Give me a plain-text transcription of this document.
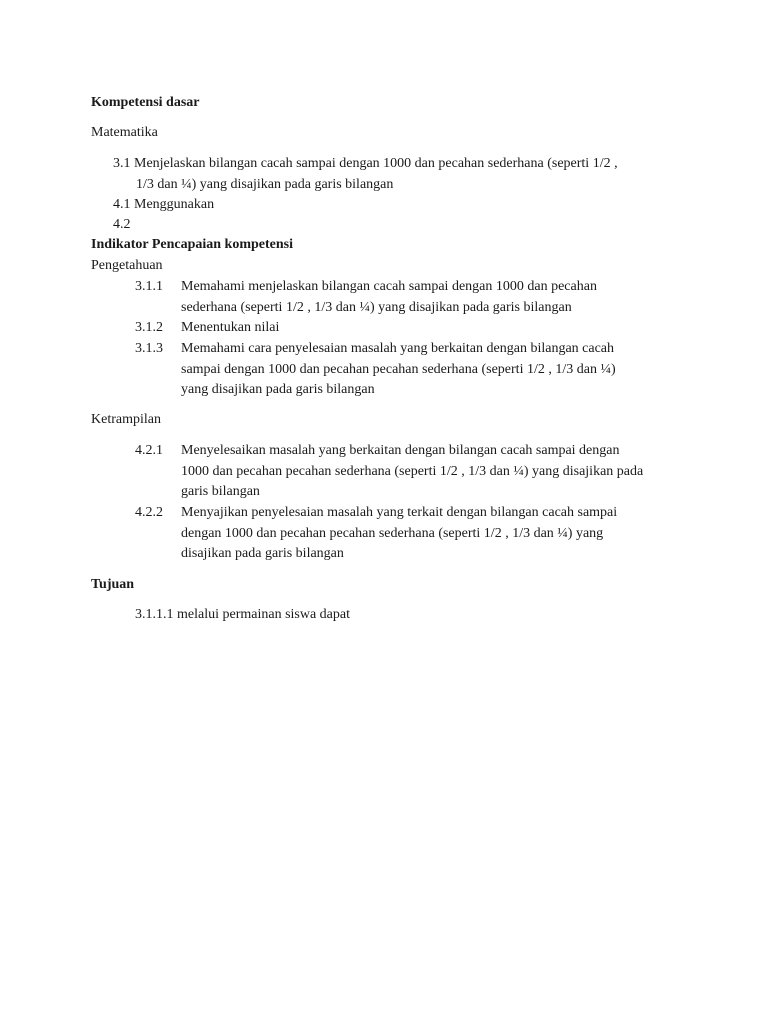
Kompetensi dasar
Matematika
3.1 Menjelaskan bilangan cacah sampai dengan 1000 dan pecahan sederhana (seperti 1/2 ,
1/3 dan ¼) yang disajikan pada garis bilangan
4.1 Menggunakan
4.2
Indikator Pencapaian kompetensi
Pengetahuan
3.1.1 Memahami menjelaskan bilangan cacah sampai dengan 1000 dan pecahan
sederhana (seperti 1/2 , 1/3 dan ¼) yang disajikan pada garis bilangan
3.1.2 Menentukan nilai
3.1.3 Memahami cara penyelesaian masalah yang berkaitan dengan bilangan cacah
sampai dengan 1000 dan pecahan pecahan sederhana (seperti 1/2 , 1/3 dan ¼)
yang disajikan pada garis bilangan
Ketrampilan
4.2.1 Menyelesaikan masalah yang berkaitan dengan bilangan cacah sampai dengan
1000 dan pecahan pecahan sederhana (seperti 1/2 , 1/3 dan ¼) yang disajikan pada
garis bilangan
4.2.2 Menyajikan penyelesaian masalah yang terkait dengan bilangan cacah sampai
dengan 1000 dan pecahan pecahan sederhana (seperti 1/2 , 1/3 dan ¼) yang
disajikan pada garis bilangan
Tujuan
3.1.1.1 melalui permainan siswa dapat
